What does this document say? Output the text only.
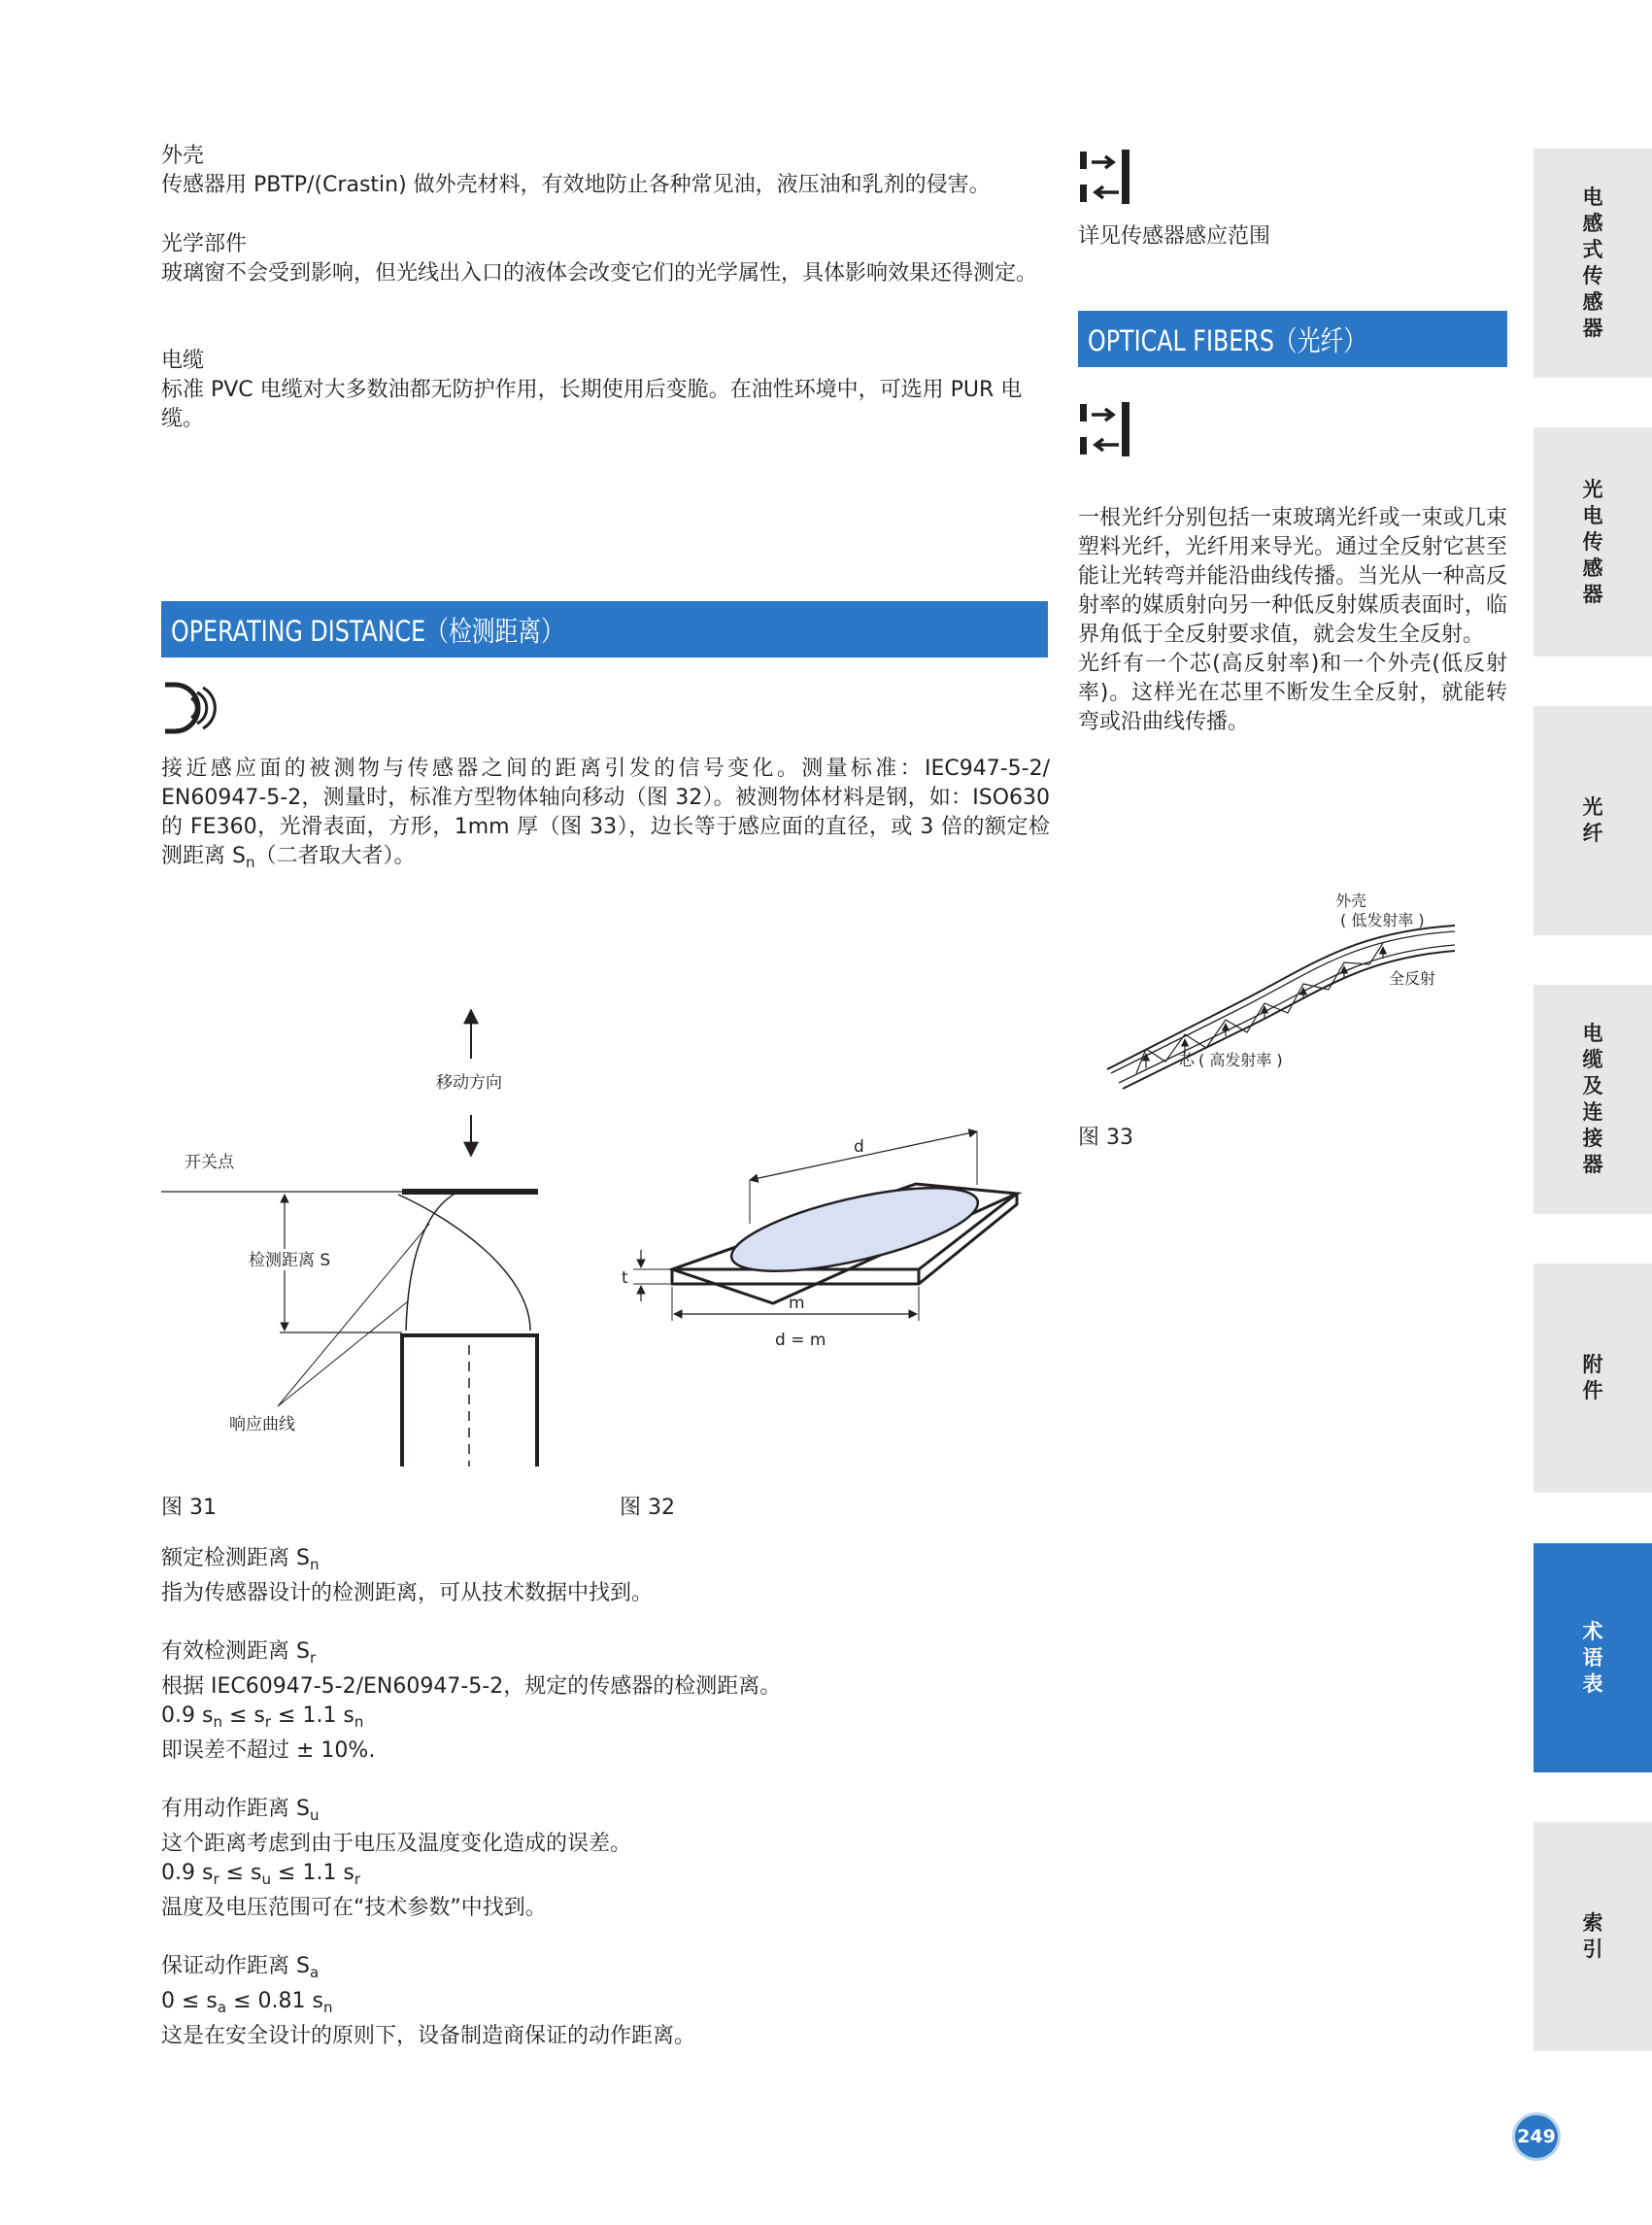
外壳

传感器用 PBTP/(Crastin) 做外壳材料，有效地防止各种常见油，液压油和乳剂的侵害。

光学部件

玻璃窗不会受到影响，但光线出入口的液体会改变它们的光学属性，具体影响效果还得测定。

电缆

标准 PVC 电缆对大多数油都无防护作用，长期使用后变脆。在油性环境中，可选用 PUR 电缆。

OPERATING DISTANCE（检测距离）

接近感应面的被测物与传感器之间的距离引发的信号变化。测量标准：IEC947-5-2/ EN60947-5-2，测量时，标准方型物体轴向移动（图 32）。被测物体材料是钢，如：ISO630 的 FE360，光滑表面，方形，1mm 厚（图 33），边长等于感应面的直径，或 3 倍的额定检测距离 $S_n$（二者取大者）。

移动方向
开关点
检测距离 S
响应曲线
d
t
m
d = m
图 31	图 32

额定检测距离 $S_n$

指为传感器设计的检测距离，可从技术数据中找到。

有效检测距离 $S_r$

根据 IEC60947-5-2/EN60947-5-2，规定的传感器的检测距离。

0.9 $s_n \le s_r \le 1.1$ $s_n$

即误差不超过 ± 10%.

有用动作距离 $S_u$

这个距离考虑到由于电压及温度变化造成的误差。

0.9 $s_r \le s_u \le 1.1$ $s_r$

温度及电压范围可在“技术参数”中找到。

保证动作距离 $S_a$

$0 \le s_a \le 0.81$ $s_n$

这是在安全设计的原则下，设备制造商保证的动作距离。

详见传感器感应范围

OPTICAL FIBERS（光纤）

一根光纤分别包括一束玻璃光纤或一束或几束塑料光纤，光纤用来导光。通过全反射它甚至能让光转弯并能沿曲线传播。当光从一种高反射率的媒质射向另一种低反射媒质表面时，临界角低于全反射要求值，就会发生全反射。

光纤有一个芯(高反射率)和一个外壳(低反射率)。这样光在芯里不断发生全反射，就能转弯或沿曲线传播。

外壳
( 低发射率 )
全反射
芯 ( 高发射率 )
图 33
电感式传感器
光电传感器
光纤
电缆及连接器
附件
术语表
索引
249
